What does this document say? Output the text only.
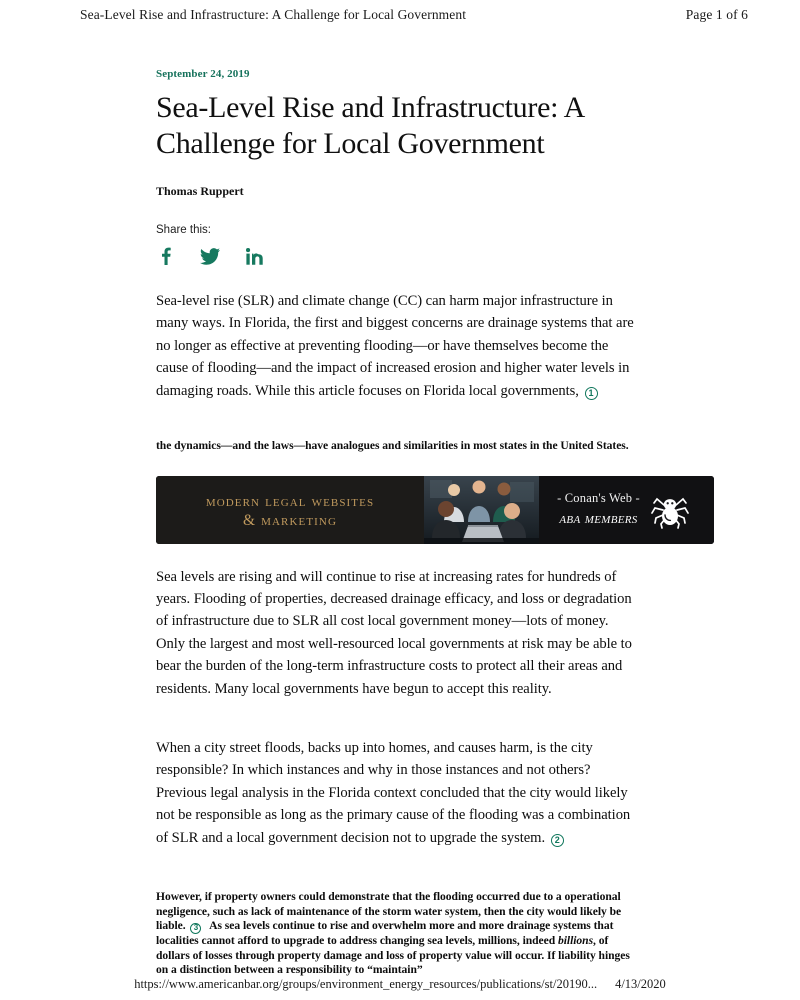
Sea-Level Rise and Infrastructure: A Challenge for Local Government	Page 1 of 6
September 24, 2019
Sea-Level Rise and Infrastructure: A Challenge for Local Government
Thomas Ruppert
Share this:

Sea-level rise (SLR) and climate change (CC) can harm major infrastructure in many ways. In Florida, the first and biggest concerns are drainage systems that are no longer as effective at preventing flooding—or have themselves become the cause of flooding—and the impact of increased erosion and higher water levels in damaging roads. While this article focuses on Florida local governments, 1

the dynamics—and the laws—have analogues and similarities in most states in the United States.

modern legal websites
& marketing
- Conan's Web -
aba members

Sea levels are rising and will continue to rise at increasing rates for hundreds of years. Flooding of properties, decreased drainage efficacy, and loss or degradation of infrastructure due to SLR all cost local government money—lots of money. Only the largest and most well-resourced local governments at risk may be able to bear the burden of the long-term infrastructure costs to protect all their areas and residents. Many local governments have begun to accept this reality.

When a city street floods, backs up into homes, and causes harm, is the city responsible? In which instances and why in those instances and not others? Previous legal analysis in the Florida context concluded that the city would likely not be responsible as long as the primary cause of the flooding was a combination of SLR and a local government decision not to upgrade the system. 2

However, if property owners could demonstrate that the flooding occurred due to a operational negligence, such as lack of maintenance of the storm water system, then the city would likely be liable. 3 As sea levels continue to rise and overwhelm more and more drainage systems that localities cannot afford to upgrade to address changing sea levels, millions, indeed billions, of dollars of losses through property damage and loss of property value will occur. If liability hinges on a distinction between a responsibility to “maintain”

https://www.americanbar.org/groups/environment_energy_resources/publications/st/20190... 4/13/2020
